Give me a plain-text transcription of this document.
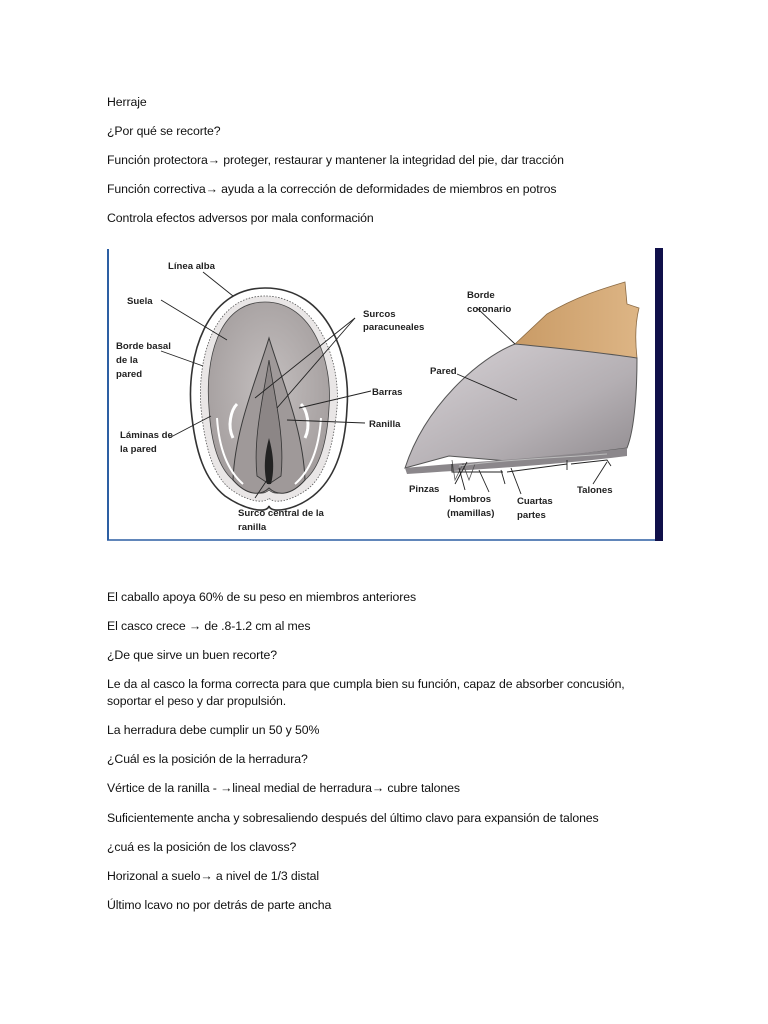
Herraje

¿Por qué se recorte?

Función protectora→ proteger, restaurar y mantener la integridad del pie, dar tracción

Función correctiva→ ayuda a la corrección de deformidades de miembros en potros

Controla efectos adversos por mala conformación

Línea alba
Suela
Borde basal
de la
pared
Láminas de
la pared
Surco central de la
ranilla
Surcos
paracuneales
Barras
Ranilla
Borde
coronario
Pared
Pinzas
Hombros
(mamillas)
Cuartas
partes
Talones

El caballo apoya 60% de su peso en miembros anteriores

El casco crece → de .8-1.2 cm al mes

¿De que sirve un buen recorte?

Le da al casco la forma correcta para que cumpla bien su función, capaz de absorber concusión, soportar el peso y dar propulsión.

La herradura debe cumplir un 50 y 50%

¿Cuál es la posición de la herradura?

Vértice de la ranilla - →lineal medial de herradura→ cubre talones

Suficientemente ancha y sobresaliendo después del último clavo para expansión de talones

¿cuá es la posición de los clavoss?

Horizonal a suelo→ a nivel de 1/3 distal

Último lcavo no por detrás de parte ancha
